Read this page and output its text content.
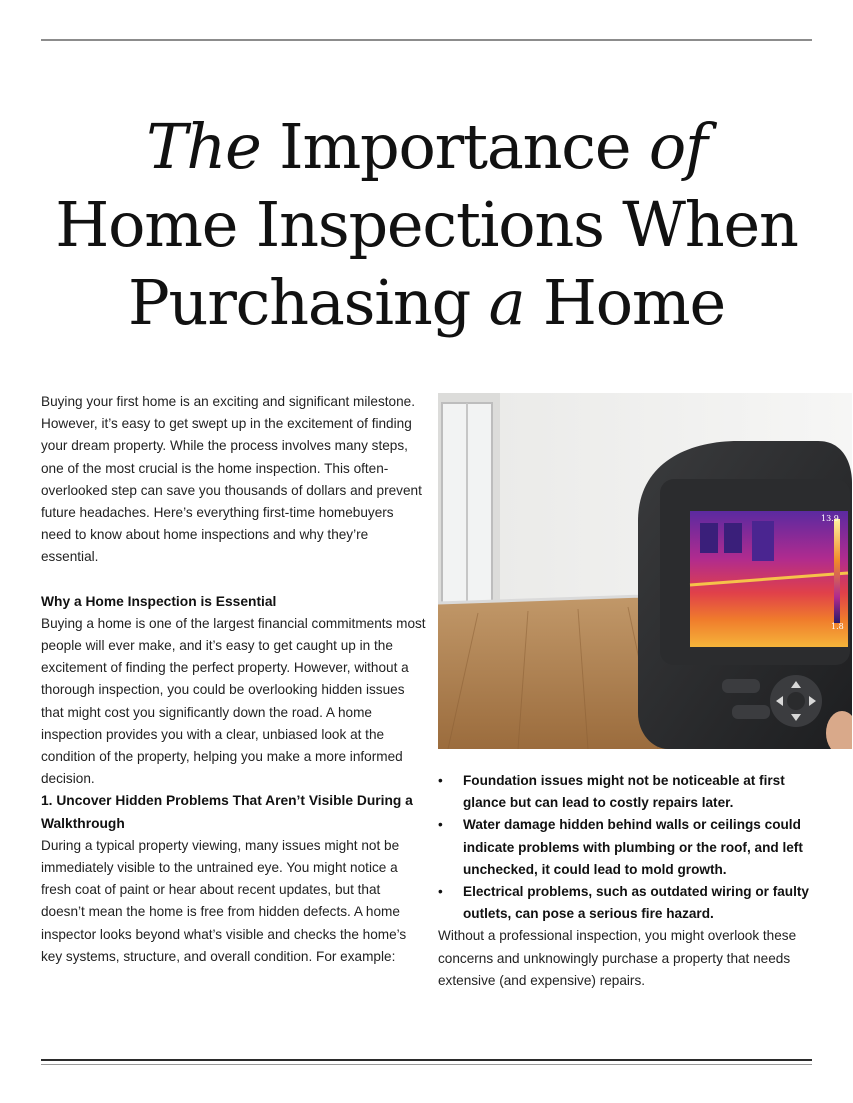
The Importance of
Home Inspections When
Purchasing a Home

Buying your first home is an exciting and significant milestone. However, it’s easy to get swept up in the excitement of finding your dream property. While the process involves many steps, one of the most crucial is the home inspection. This often-overlooked step can save you thousands of dollars and prevent future headaches. Here’s everything first-time homebuyers need to know about home inspections and why they’re essential.

Why a Home Inspection is Essential

Buying a home is one of the largest financial commitments most people will ever make, and it’s easy to get caught up in the excitement of finding the perfect property. However, without a thorough inspection, you could be overlooking hidden issues that might cost you significantly down the road. A home inspection provides you with a clear, unbiased look at the condition of the property, helping you make a more informed decision.

1. Uncover Hidden Problems That Aren’t Visible During a Walkthrough

During a typical property viewing, many issues might not be immediately visible to the untrained eye. You might notice a fresh coat of paint or hear about recent updates, but that doesn’t mean the home is free from hidden defects. A home inspector looks beyond what’s visible and checks the home’s key systems, structure, and overall condition. For example:

13.9
1.8
• Foundation issues might not be noticeable at first glance but can lead to costly repairs later.
• Water damage hidden behind walls or ceilings could indicate problems with plumbing or the roof, and left unchecked, it could lead to mold growth.
• Electrical problems, such as outdated wiring or faulty outlets, can pose a serious fire hazard.

Without a professional inspection, you might overlook these concerns and unknowingly purchase a property that needs extensive (and expensive) repairs.
